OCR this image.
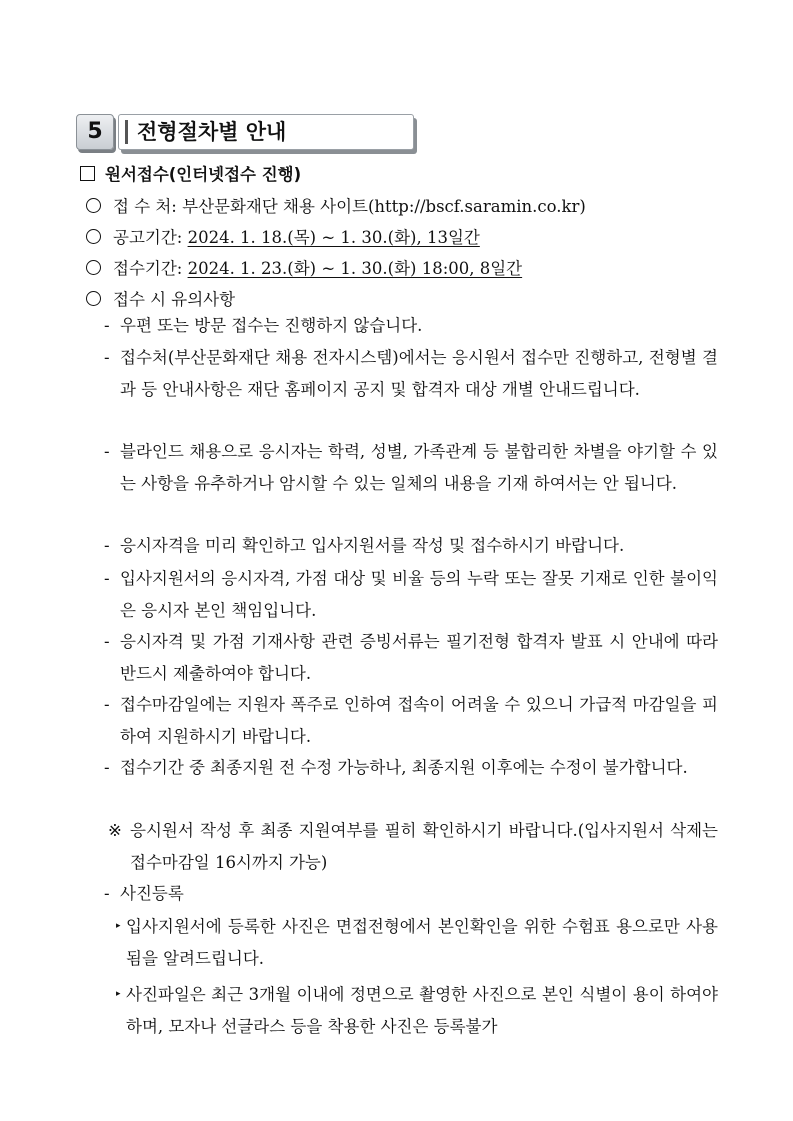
5	전형절차별 안내
원서접수(인터넷접수 진행)
접 수 처: 부산문화재단 채용 사이트(http://bscf.saramin.co.kr)
공고기간: 2024. 1. 18.(목) ~ 1. 30.(화), 13일간
접수기간: 2024. 1. 23.(화) ~ 1. 30.(화) 18:00, 8일간
접수 시 유의사항
- 우편 또는 방문 접수는 진행하지 않습니다.
- 접수처(부산문화재단 채용 전자시스템)에서는 응시원서 접수만 진행하고, 전형별 결과 등 안내사항은 재단 홈페이지 공지 및 합격자 대상 개별 안내드립니다.
- 블라인드 채용으로 응시자는 학력, 성별, 가족관계 등 불합리한 차별을 야기할 수 있는 사항을 유추하거나 암시할 수 있는 일체의 내용을 기재 하여서는 안 됩니다.
- 응시자격을 미리 확인하고 입사지원서를 작성 및 접수하시기 바랍니다.
- 입사지원서의 응시자격, 가점 대상 및 비율 등의 누락 또는 잘못 기재로 인한 불이익은 응시자 본인 책임입니다.
- 응시자격 및 가점 기재사항 관련 증빙서류는 필기전형 합격자 발표 시 안내에 따라 반드시 제출하여야 합니다.
- 접수마감일에는 지원자 폭주로 인하여 접속이 어려울 수 있으니 가급적 마감일을 피하여 지원하시기 바랍니다.
- 접수기간 중 최종지원 전 수정 가능하나, 최종지원 이후에는 수정이 불가합니다.
※ 응시원서 작성 후 최종 지원여부를 필히 확인하시기 바랍니다.(입사지원서 삭제는 접수마감일 16시까지 가능)
- 사진등록
▸ 입사지원서에 등록한 사진은 면접전형에서 본인확인을 위한 수험표 용으로만 사용됨을 알려드립니다.
▸ 사진파일은 최근 3개월 이내에 정면으로 촬영한 사진으로 본인 식별이 용이 하여야 하며, 모자나 선글라스 등을 착용한 사진은 등록불가
